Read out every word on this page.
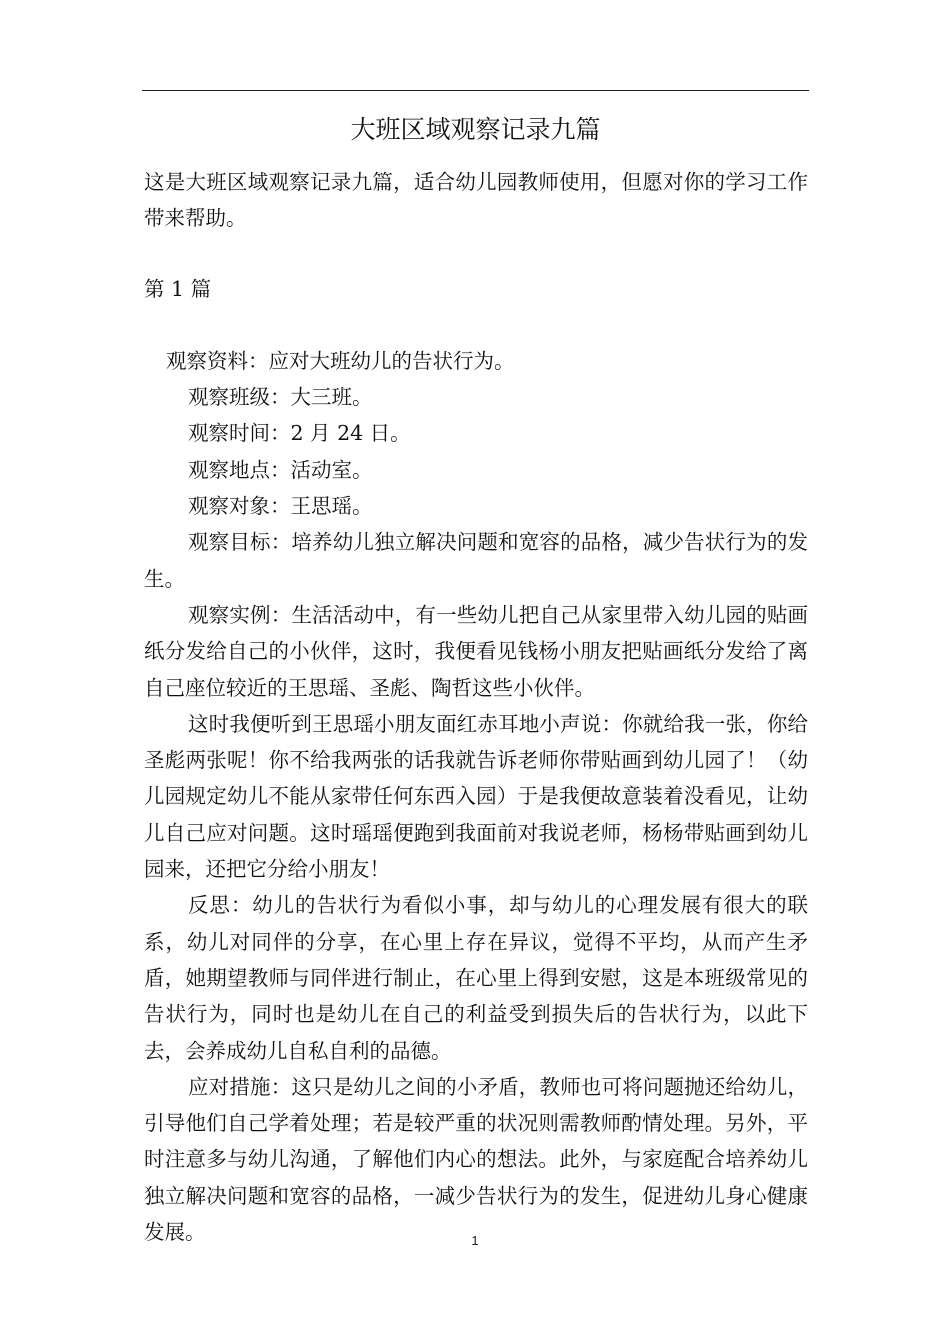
大班区域观察记录九篇

这是大班区域观察记录九篇，适合幼儿园教师使用，但愿对你的学习工作带来帮助。

第 1 篇

观察资料：应对大班幼儿的告状行为。

观察班级：大三班。

观察时间：2 月 24 日。

观察地点：活动室。

观察对象：王思瑶。

观察目标：培养幼儿独立解决问题和宽容的品格，减少告状行为的发生。

观察实例：生活活动中，有一些幼儿把自己从家里带入幼儿园的贴画纸分发给自己的小伙伴，这时，我便看见钱杨小朋友把贴画纸分发给了离自己座位较近的王思瑶、圣彪、陶哲这些小伙伴。

这时我便听到王思瑶小朋友面红赤耳地小声说：你就给我一张，你给圣彪两张呢！你不给我两张的话我就告诉老师你带贴画到幼儿园了！（幼儿园规定幼儿不能从家带任何东西入园）于是我便故意装着没看见，让幼儿自己应对问题。这时瑶瑶便跑到我面前对我说老师，杨杨带贴画到幼儿园来，还把它分给小朋友！

反思：幼儿的告状行为看似小事，却与幼儿的心理发展有很大的联系，幼儿对同伴的分享，在心里上存在异议，觉得不平均，从而产生矛盾，她期望教师与同伴进行制止，在心里上得到安慰，这是本班级常见的告状行为，同时也是幼儿在自己的利益受到损失后的告状行为，以此下去，会养成幼儿自私自利的品德。

应对措施：这只是幼儿之间的小矛盾，教师也可将问题抛还给幼儿，引导他们自己学着处理；若是较严重的状况则需教师酌情处理。另外，平时注意多与幼儿沟通，了解他们内心的想法。此外，与家庭配合培养幼儿独立解决问题和宽容的品格，一减少告状行为的发生，促进幼儿身心健康发展。	1
